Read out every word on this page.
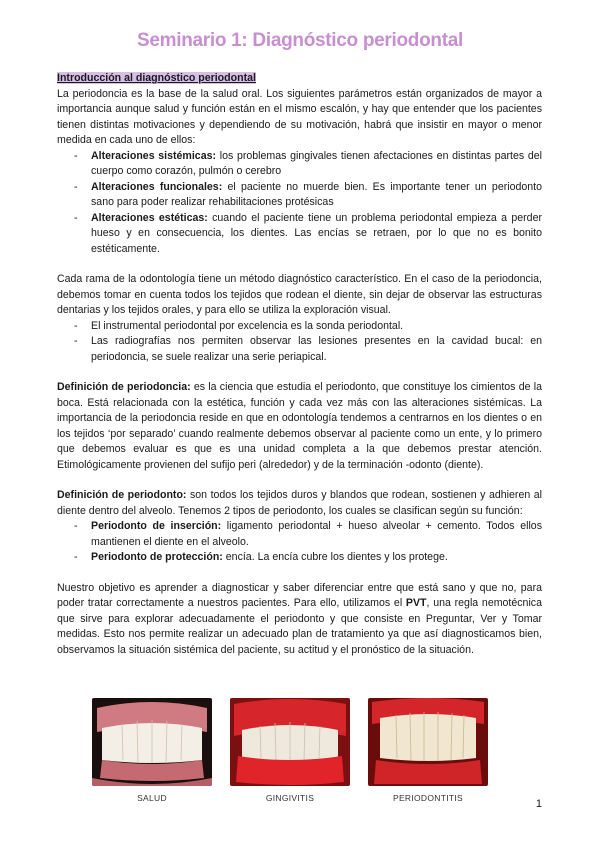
Seminario 1: Diagnóstico periodontal

Introducción al diagnóstico periodontal
La periodoncia es la base de la salud oral. Los siguientes parámetros están organizados de mayor a importancia aunque salud y función están en el mismo escalón, y hay que entender que los pacientes tienen distintas motivaciones y dependiendo de su motivación, habrá que insistir en mayor o menor medida en cada uno de ellos:

- Alteraciones sistémicas: los problemas gingivales tienen afectaciones en distintas partes del cuerpo como corazón, pulmón o cerebro
- Alteraciones funcionales: el paciente no muerde bien. Es importante tener un periodonto sano para poder realizar rehabilitaciones protésicas
- Alteraciones estéticas: cuando el paciente tiene un problema periodontal empieza a perder hueso y en consecuencia, los dientes. Las encías se retraen, por lo que no es bonito estéticamente.

Cada rama de la odontología tiene un método diagnóstico característico. En el caso de la periodoncia, debemos tomar en cuenta todos los tejidos que rodean el diente, sin dejar de observar las estructuras dentarias y los tejidos orales, y para ello se utiliza la exploración visual.

- El instrumental periodontal por excelencia es la sonda periodontal.
- Las radiografías nos permiten observar las lesiones presentes en la cavidad bucal: en periodoncia, se suele realizar una serie periapical.

Definición de periodoncia: es la ciencia que estudia el periodonto, que constituye los cimientos de la boca. Está relacionada con la estética, función y cada vez más con las alteraciones sistémicas. La importancia de la periodoncia reside en que en odontología tendemos a centrarnos en los dientes o en los tejidos ‘por separado’ cuando realmente debemos observar al paciente como un ente, y lo primero que debemos evaluar es que es una unidad completa a la que debemos prestar atención. Etimológicamente provienen del sufijo peri (alrededor) y de la terminación -odonto (diente).

Definición de periodonto: son todos los tejidos duros y blandos que rodean, sostienen y adhieren al diente dentro del alveolo. Tenemos 2 tipos de periodonto, los cuales se clasifican según su función:

- Periodonto de inserción: ligamento periodontal + hueso alveolar + cemento. Todos ellos mantienen el diente en el alveolo.
- Periodonto de protección: encía. La encía cubre los dientes y los protege.

Nuestro objetivo es aprender a diagnosticar y saber diferenciar entre que está sano y que no, para poder tratar correctamente a nuestros pacientes. Para ello, utilizamos el PVT, una regla nemotécnica que sirve para explorar adecuadamente el periodonto y que consiste en Preguntar, Ver y Tomar medidas. Esto nos permite realizar un adecuado plan de tratamiento ya que así diagnosticamos bien, observamos la situación sistémica del paciente, su actitud y el pronóstico de la situación.

SALUD	GINGIVITIS	PERIODONTITIS	1
